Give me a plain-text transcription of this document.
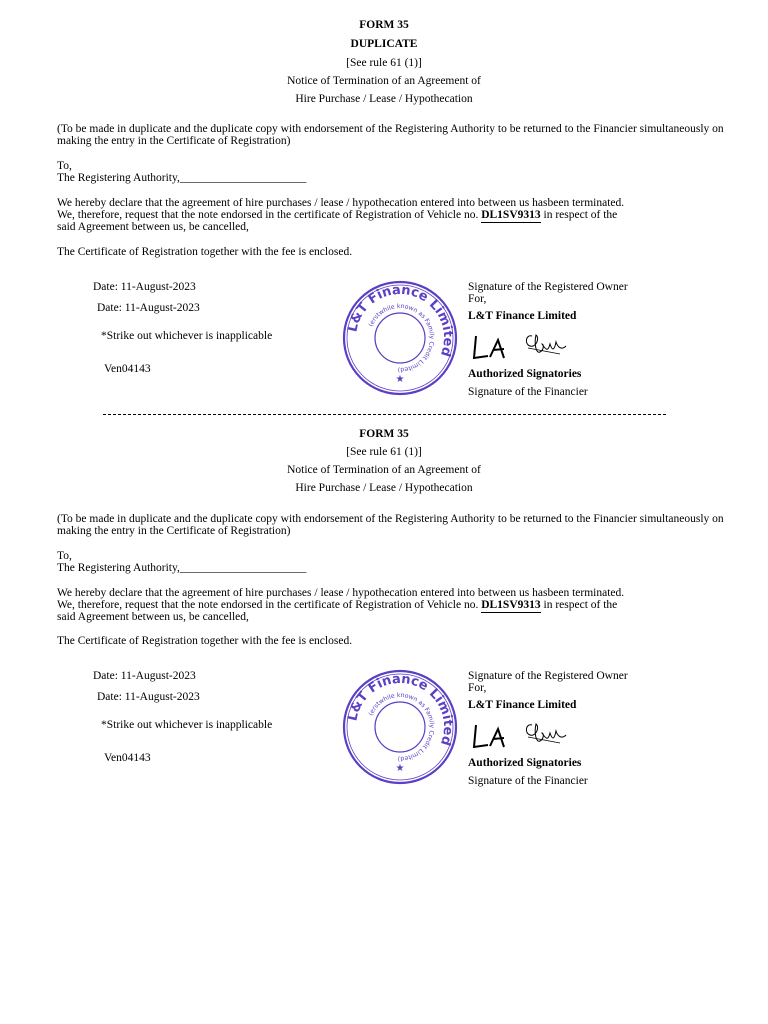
FORM 35
DUPLICATE
[See rule 61 (1)]
Notice of Termination of an Agreement of
Hire Purchase / Lease / Hypothecation
(To be made in duplicate and the duplicate copy with endorsement of the Registering Authority to be returned to the Financier simultaneously on making the entry in the Certificate of Registration)
To,
The Registering Authority,______________________
We hereby declare that the agreement of hire purchases / lease / hypothecation entered into between us hasbeen terminated.
We, therefore, request that the note endorsed in the certificate of Registration of Vehicle no. DL1SV9313 in respect of the
said Agreement between us, be cancelled,
The Certificate of Registration together with the fee is enclosed.
Date: 11-August-2023
Date: 11-August-2023
*Strike out whichever is inapplicable
Ven04143
L&T Finance Limited
(erstwhile known as Family Credit Limited)
★
Signature of the Registered Owner
For,
L&T Finance Limited
Authorized Signatories
Signature of the Financier
FORM 35
[See rule 61 (1)]
Notice of Termination of an Agreement of
Hire Purchase / Lease / Hypothecation
(To be made in duplicate and the duplicate copy with endorsement of the Registering Authority to be returned to the Financier simultaneously on making the entry in the Certificate of Registration)
To,
The Registering Authority,______________________
We hereby declare that the agreement of hire purchases / lease / hypothecation entered into between us hasbeen terminated.
We, therefore, request that the note endorsed in the certificate of Registration of Vehicle no. DL1SV9313 in respect of the
said Agreement between us, be cancelled,
The Certificate of Registration together with the fee is enclosed.
Date: 11-August-2023
Date: 11-August-2023
*Strike out whichever is inapplicable
Ven04143
L&T Finance Limited
(erstwhile known as Family Credit Limited)
★
Signature of the Registered Owner
For,
L&T Finance Limited
Authorized Signatories
Signature of the Financier
